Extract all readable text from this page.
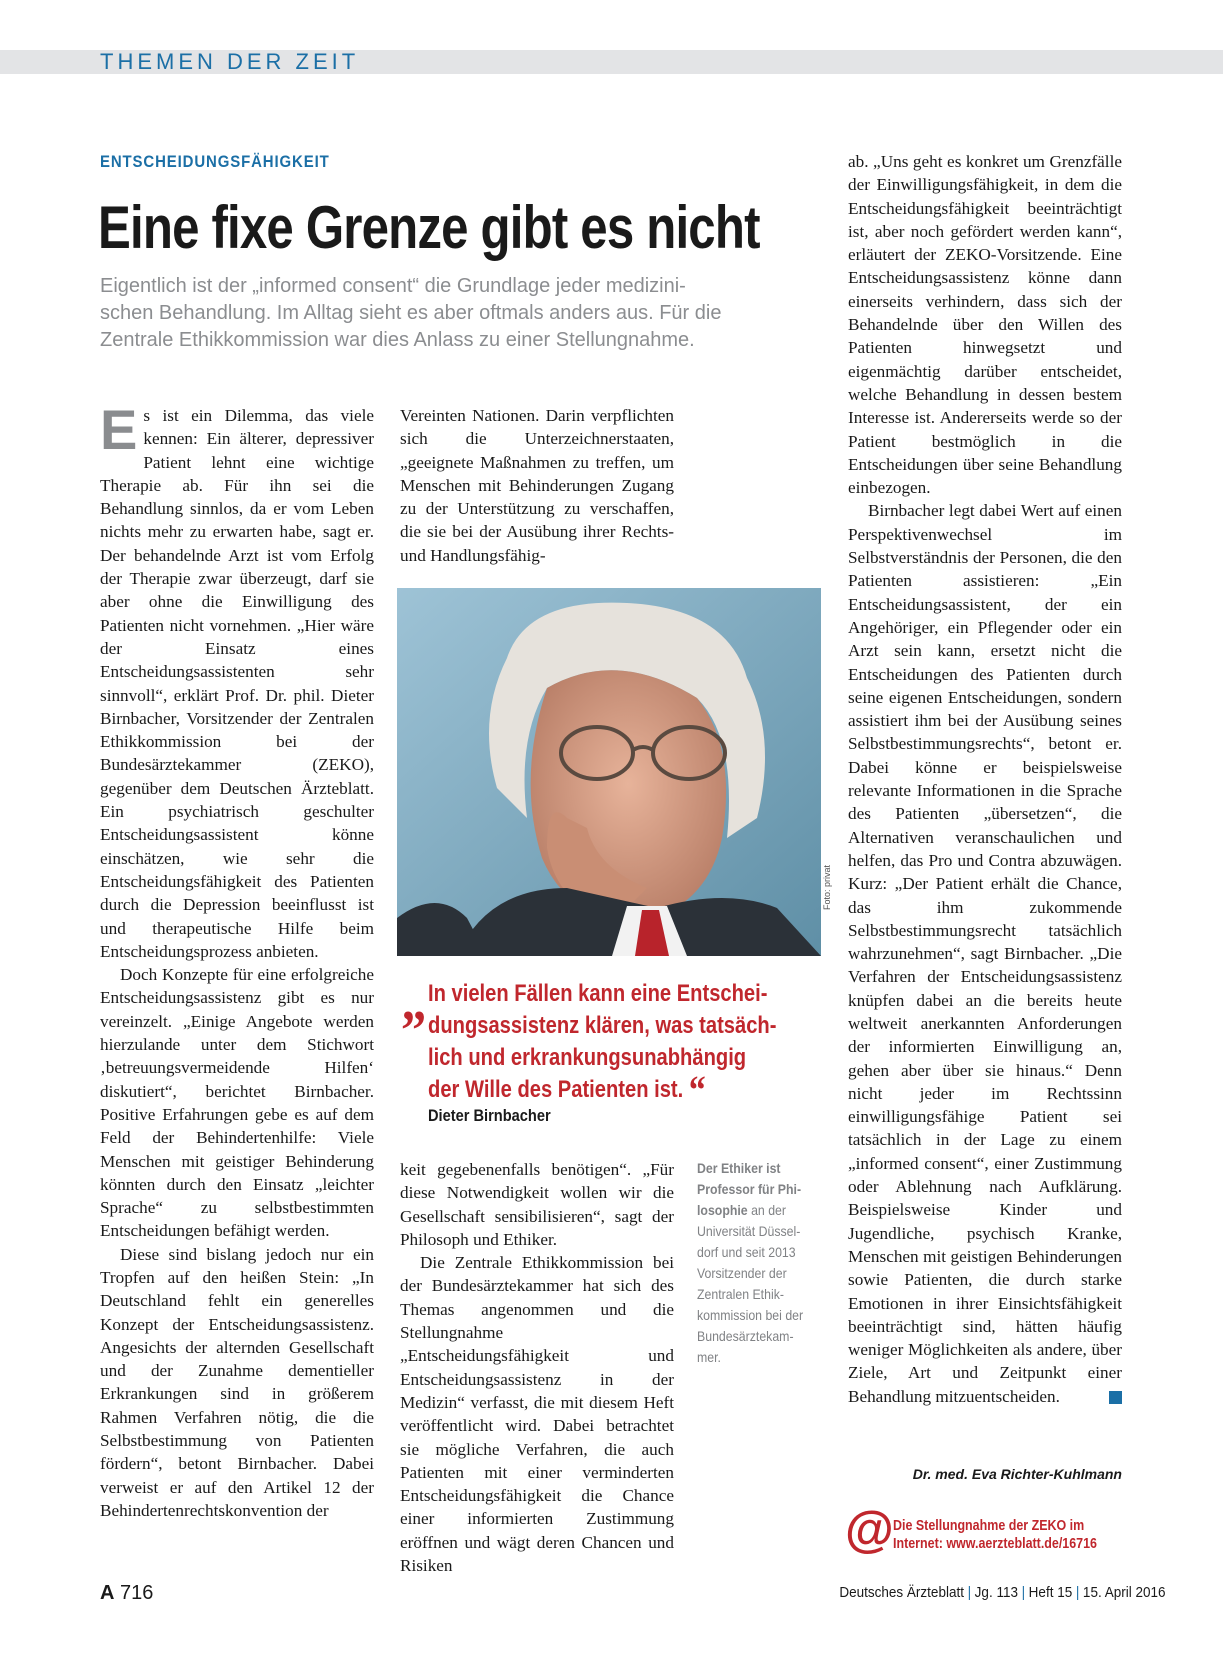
THEMEN DER ZEIT
ENTSCHEIDUNGSFÄHIGKEIT
Eine fixe Grenze gibt es nicht
Eigentlich ist der „informed consent“ die Grundlage jeder medizini-
schen Behandlung. Im Alltag sieht es aber oftmals anders aus. Für die
Zentrale Ethikkommission war dies Anlass zu einer Stellungnahme.

Es ist ein Dilemma, das viele kennen: Ein älterer, depressiver Patient lehnt eine wichtige Therapie ab. Für ihn sei die Behandlung sinnlos, da er vom Leben nichts mehr zu erwarten habe, sagt er. Der behandelnde Arzt ist vom Erfolg der Therapie zwar überzeugt, darf sie aber ohne die Einwilligung des Patienten nicht vornehmen. „Hier wäre der Einsatz eines Entscheidungsassistenten sehr sinnvoll“, erklärt Prof. Dr. phil. Dieter Birnbacher, Vorsitzender der Zentralen Ethikkommission bei der Bundesärztekammer (ZEKO), gegenüber dem Deutschen Ärzteblatt. Ein psychiatrisch geschulter Entscheidungsassistent könne einschätzen, wie sehr die Entscheidungsfähigkeit des Patienten durch die Depression beeinflusst ist und therapeutische Hilfe beim Entscheidungsprozess anbieten.

Doch Konzepte für eine erfolgreiche Entscheidungsassistenz gibt es nur vereinzelt. „Einige Angebote werden hierzulande unter dem Stichwort ‚betreuungsvermeidende Hilfen‘ diskutiert“, berichtet Birnbacher. Positive Erfahrungen gebe es auf dem Feld der Behindertenhilfe: Viele Menschen mit geistiger Behinderung könnten durch den Einsatz „leichter Sprache“ zu selbstbestimmten Entscheidungen befähigt werden.

Diese sind bislang jedoch nur ein Tropfen auf den heißen Stein: „In Deutschland fehlt ein generelles Konzept der Entscheidungsassistenz. Angesichts der alternden Gesellschaft und der Zunahme dementieller Erkrankungen sind in größerem Rahmen Verfahren nötig, die die Selbstbestimmung von Patienten fördern“, betont Birnbacher. Dabei verweist er auf den Artikel 12 der Behindertenrechtskonvention der

Vereinten Nationen. Darin verpflichten sich die Unterzeichnerstaaten, „geeignete Maßnahmen zu treffen, um Menschen mit Behinderungen Zugang zu der Unterstützung zu verschaffen, die sie bei der Ausübung ihrer Rechts- und Handlungsfähig-

Foto: privat
„ In vielen Fällen kann eine Entschei-
dungsassistenz klären, was tatsäch-
lich und erkrankungsunabhängig
der Wille des Patienten ist. “
Dieter Birnbacher

keit gegebenenfalls benötigen“. „Für diese Notwendigkeit wollen wir die Gesellschaft sensibilisieren“, sagt der Philosoph und Ethiker.

Die Zentrale Ethikkommission bei der Bundesärztekammer hat sich des Themas angenommen und die Stellungnahme „Entscheidungsfähigkeit und Entscheidungsassistenz in der Medizin“ verfasst, die mit diesem Heft veröffentlicht wird. Dabei betrachtet sie mögliche Verfahren, die auch Patienten mit einer verminderten Entscheidungsfähigkeit die Chance einer informierten Zustimmung eröffnen und wägt deren Chancen und Risiken

Der Ethiker ist
Professor für Phi-
losophie an der
Universität Düssel-
dorf und seit 2013
Vorsitzender der
Zentralen Ethik-
kommission bei der
Bundesärztekam-
mer.

ab. „Uns geht es konkret um Grenzfälle der Einwilligungsfähigkeit, in dem die Entscheidungsfähigkeit beeinträchtigt ist, aber noch gefördert werden kann“, erläutert der ZEKO-Vorsitzende. Eine Entscheidungsassistenz könne dann einerseits verhindern, dass sich der Behandelnde über den Willen des Patienten hinwegsetzt und eigenmächtig darüber entscheidet, welche Behandlung in dessen bestem Interesse ist. Andererseits werde so der Patient bestmöglich in die Entscheidungen über seine Behandlung einbezogen.

Birnbacher legt dabei Wert auf einen Perspektivenwechsel im Selbstverständnis der Personen, die den Patienten assistieren: „Ein Entscheidungsassistent, der ein Angehöriger, ein Pflegender oder ein Arzt sein kann, ersetzt nicht die Entscheidungen des Patienten durch seine eigenen Entscheidungen, sondern assistiert ihm bei der Ausübung seines Selbstbestimmungsrechts“, betont er. Dabei könne er beispielsweise relevante Informationen in die Sprache des Patienten „übersetzen“, die Alternativen veranschaulichen und helfen, das Pro und Contra abzuwägen. Kurz: „Der Patient erhält die Chance, das ihm zukommende Selbstbestimmungsrecht tatsächlich wahrzunehmen“, sagt Birnbacher. „Die Verfahren der Entscheidungsassistenz knüpfen dabei an die bereits heute weltweit anerkannten Anforderungen der informierten Einwilligung an, gehen aber über sie hinaus.“ Denn nicht jeder im Rechtssinn einwilligungsfähige Patient sei tatsächlich in der Lage zu einem „informed consent“, einer Zustimmung oder Ablehnung nach Aufklärung. Beispielsweise Kinder und Jugendliche, psychisch Kranke, Menschen mit geistigen Behinderungen sowie Patienten, die durch starke Emotionen in ihrer Einsichtsfähigkeit beeinträchtigt sind, hätten häufig weniger Möglichkeiten als andere, über Ziele, Art und Zeitpunkt einer Behandlung mitzuentscheiden.

Dr. med. Eva Richter-Kuhlmann
@ Die Stellungnahme der ZEKO im
Internet: www.aerzteblatt.de/16716
A 716	Deutsches Ärzteblatt | Jg. 113 | Heft 15 | 15. April 2016
